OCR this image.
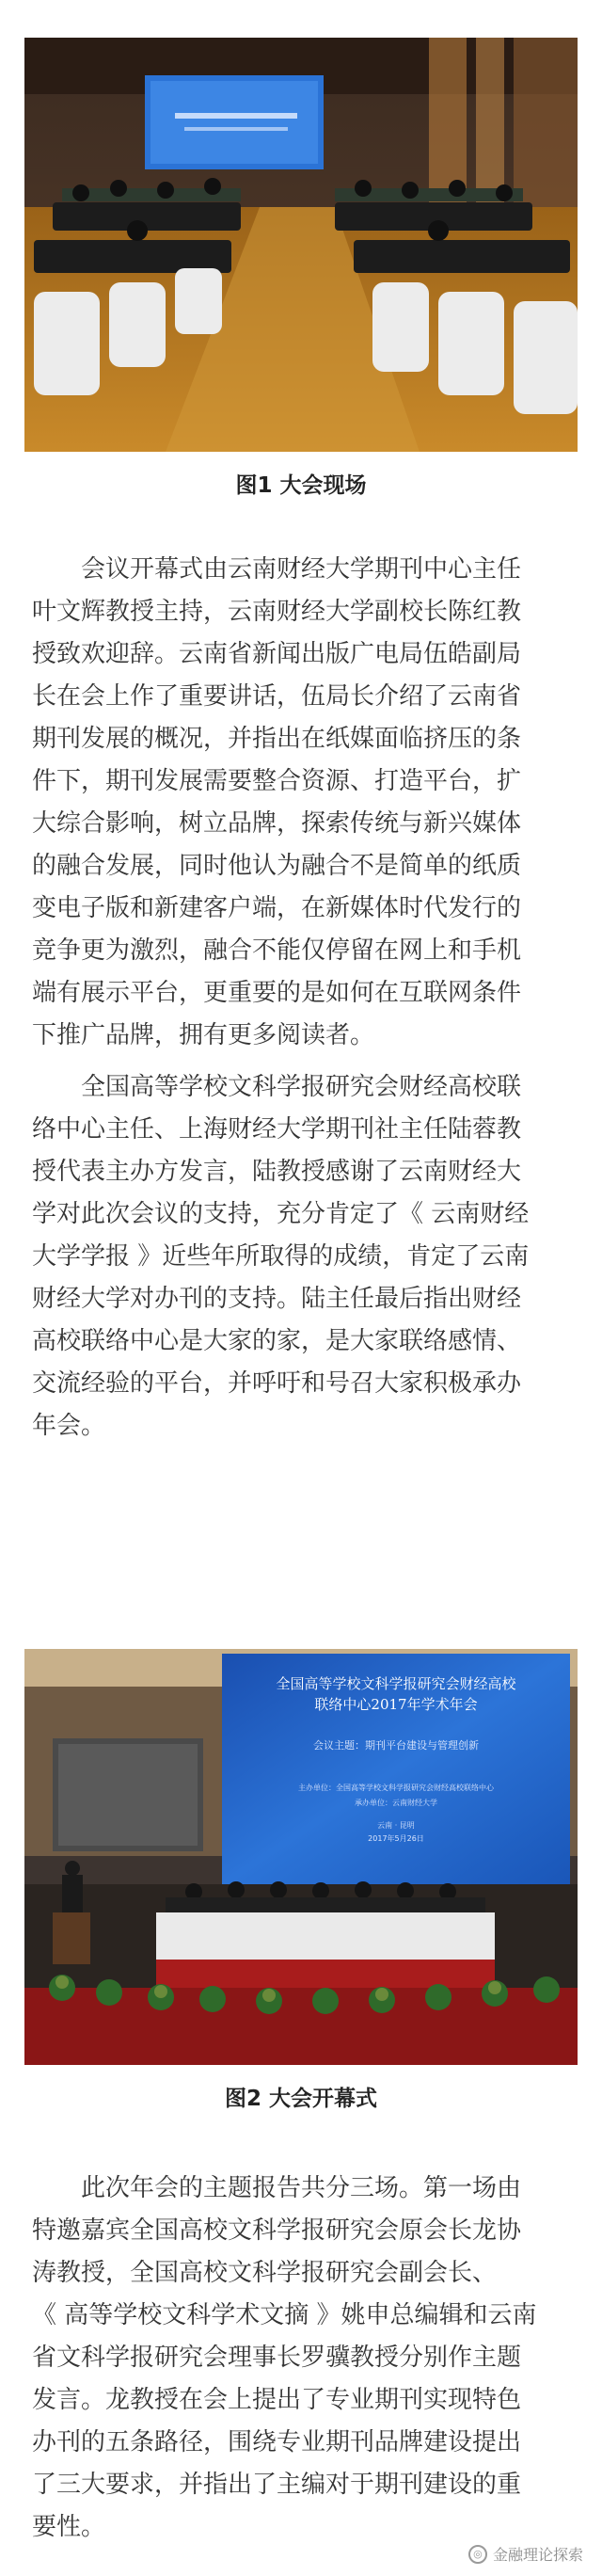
图1 大会现场
　　会议开幕式由云南财经大学期刊中心主任
叶文辉教授主持，云南财经大学副校长陈红教
授致欢迎辞。云南省新闻出版广电局伍皓副局
长在会上作了重要讲话，伍局长介绍了云南省
期刊发展的概况，并指出在纸媒面临挤压的条
件下，期刊发展需要整合资源、打造平台，扩
大综合影响，树立品牌，探索传统与新兴媒体
的融合发展，同时他认为融合不是简单的纸质
变电子版和新建客户端，在新媒体时代发行的
竞争更为激烈，融合不能仅停留在网上和手机
端有展示平台，更重要的是如何在互联网条件
下推广品牌，拥有更多阅读者。
　　全国高等学校文科学报研究会财经高校联
络中心主任、上海财经大学期刊社主任陆蓉教
授代表主办方发言，陆教授感谢了云南财经大
学对此次会议的支持，充分肯定了《 云南财经
大学学报 》近些年所取得的成绩，肯定了云南
财经大学对办刊的支持。陆主任最后指出财经
高校联络中心是大家的家，是大家联络感情、
交流经验的平台，并呼吁和号召大家积极承办
年会。
全国高等学校文科学报研究会财经高校
联络中心2017年学术年会
会议主题：期刊平台建设与管理创新
主办单位：全国高等学校文科学报研究会财经高校联络中心
承办单位：云南财经大学
云南 · 昆明
2017年5月26日
图2 大会开幕式
　　此次年会的主题报告共分三场。第一场由
特邀嘉宾全国高校文科学报研究会原会长龙协
涛教授，全国高校文科学报研究会副会长、
《 高等学校文科学术文摘 》姚申总编辑和云南
省文科学报研究会理事长罗骥教授分别作主题
发言。龙教授在会上提出了专业期刊实现特色
办刊的五条路径，围绕专业期刊品牌建设提出
了三大要求，并指出了主编对于期刊建设的重
要性。
◎ 金融理论探索
